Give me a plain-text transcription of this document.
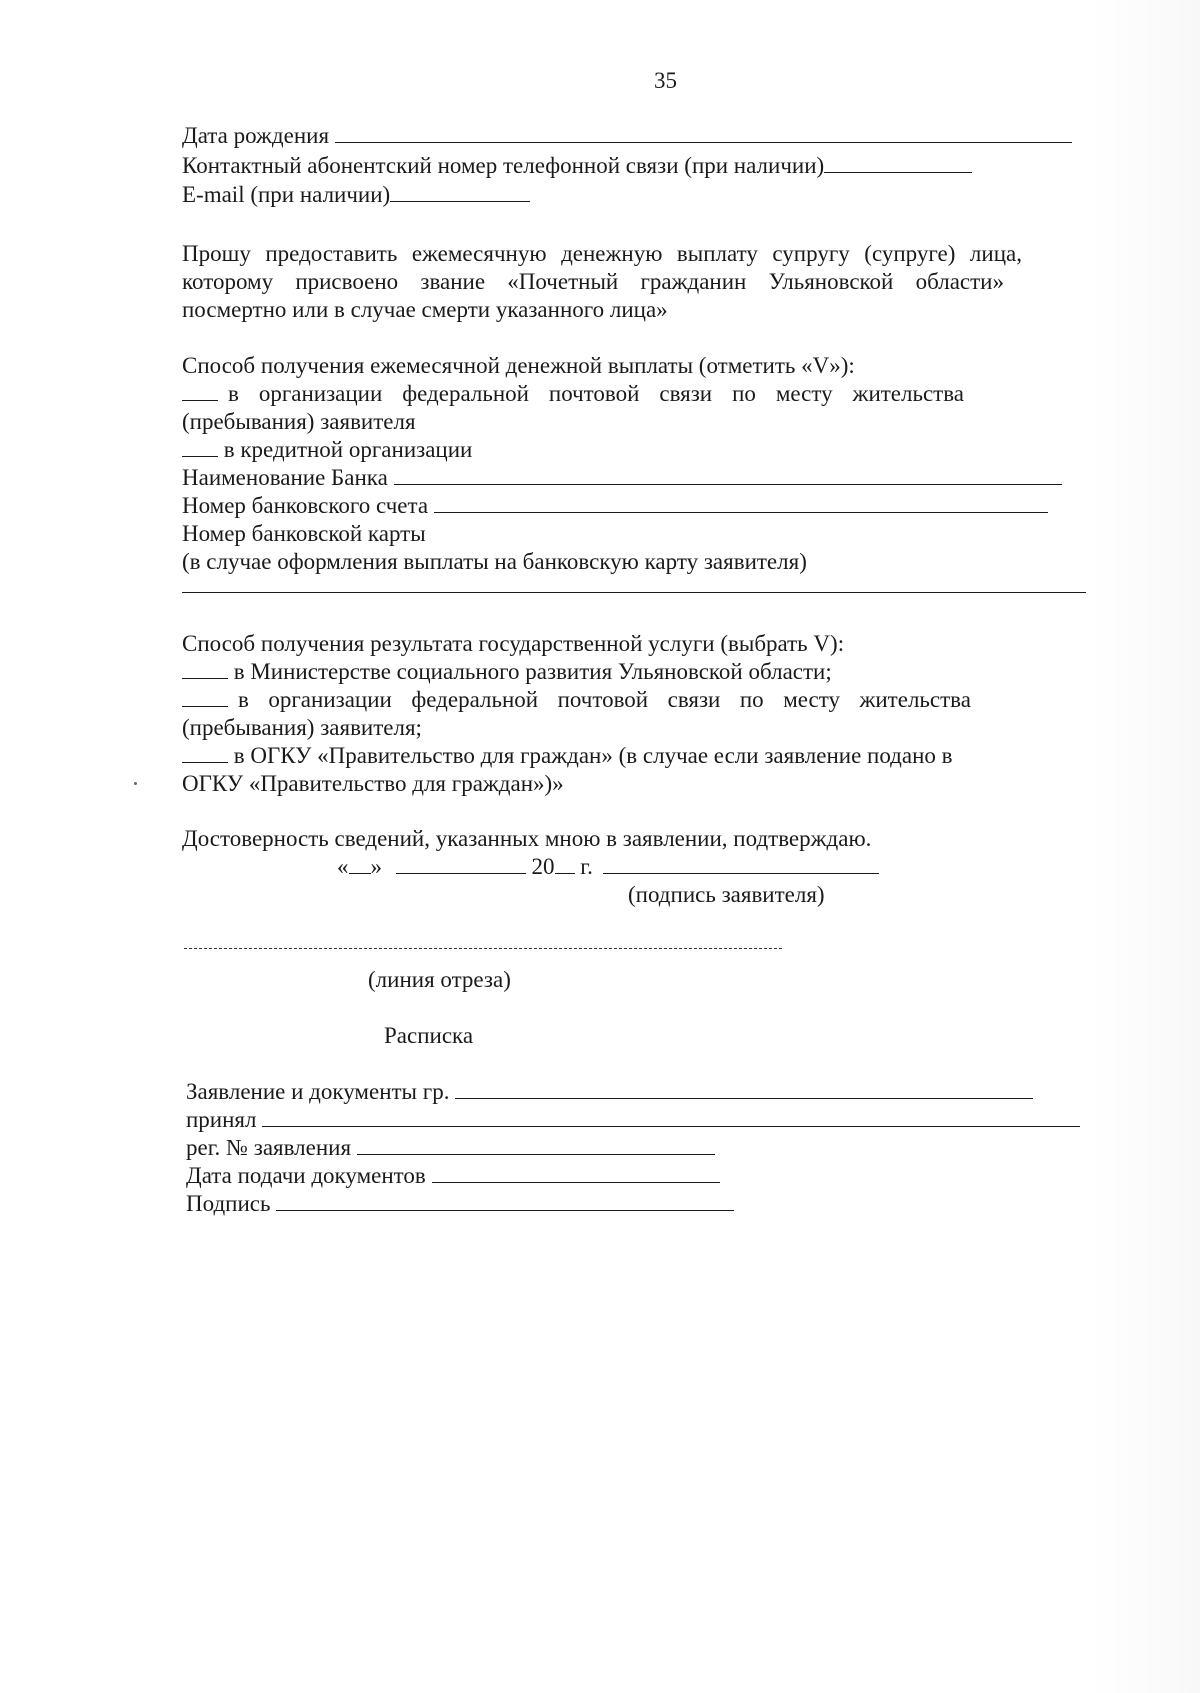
35
Дата рождения
Контактный абонентский номер телефонной связи (при наличии)
E-mail (при наличии)
Прошу предоставить ежемесячную денежную выплату супругу (супруге) лица,
которому присвоено звание «Почетный гражданин Ульяновской области»
посмертно или в случае смерти указанного лица»
Способ получения ежемесячной денежной выплаты (отметить «V»):
в организации федеральной почтовой связи по месту жительства
(пребывания) заявителя
в кредитной организации
Наименование Банка
Номер банковского счета
Номер банковской карты
(в случае оформления выплаты на банковскую карту заявителя)
Способ получения результата государственной услуги (выбрать V):
в Министерстве социального развития Ульяновской области;
в организации федеральной почтовой связи по месту жительства
(пребывания) заявителя;
в ОГКУ «Правительство для граждан» (в случае если заявление подано в
ОГКУ «Правительство для граждан»)»
Достоверность сведений, указанных мною в заявлении, подтверждаю.
« »	20 г.
(подпись заявителя)
(линия отреза)
Расписка
Заявление и документы гр.
принял
рег. № заявления
Дата подачи документов
Подпись
